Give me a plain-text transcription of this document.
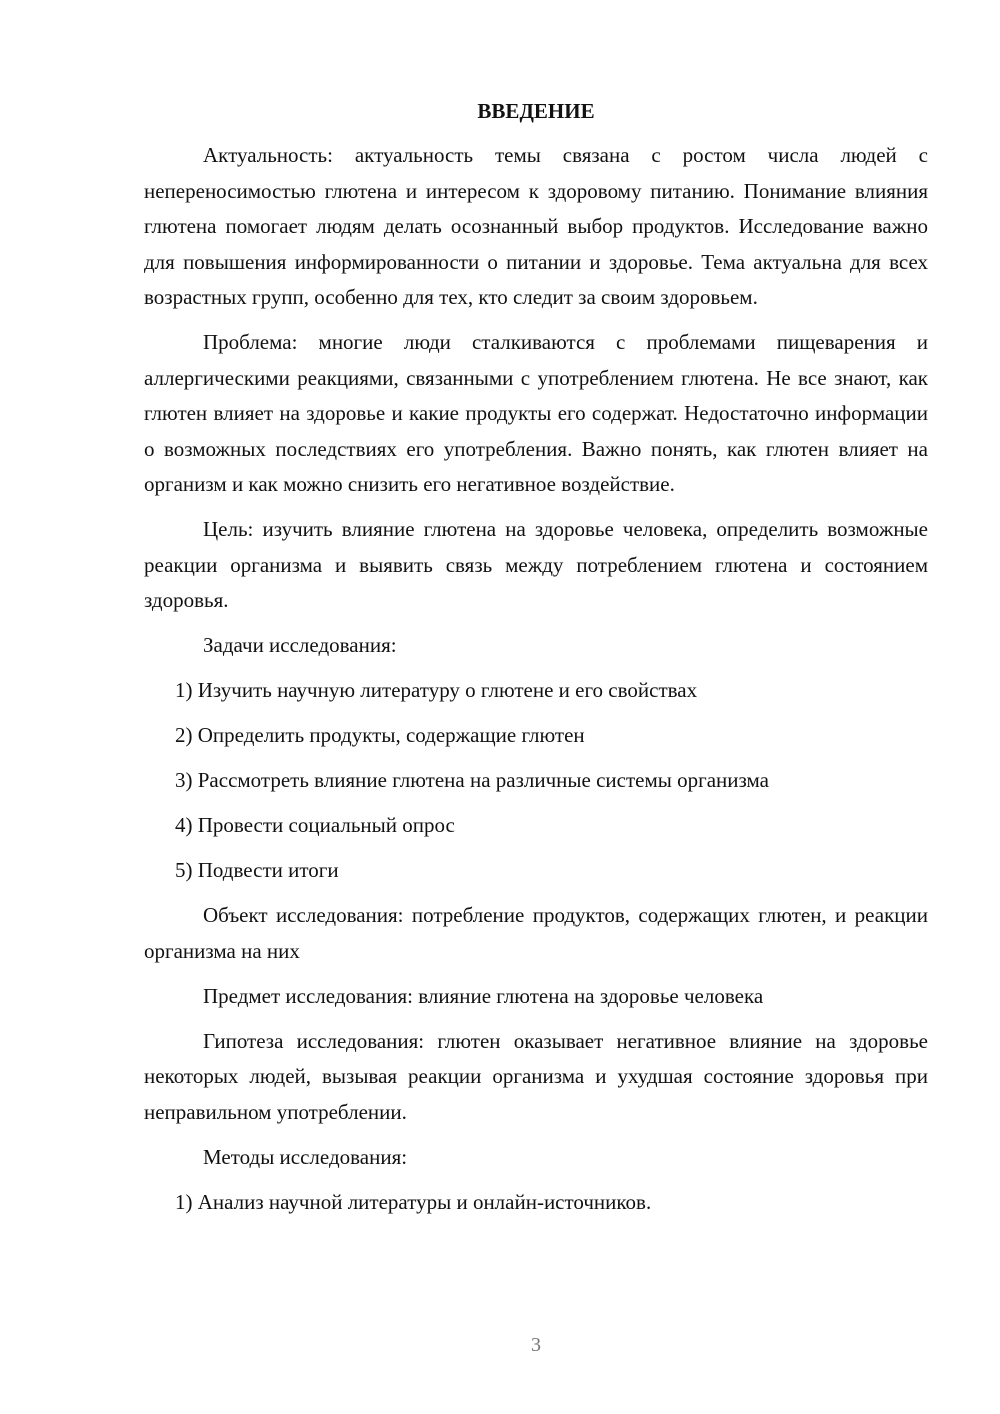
ВВЕДЕНИЕ

Актуальность: актуальность темы связана с ростом числа людей с непереносимостью глютена и интересом к здоровому питанию. Понимание влияния глютена помогает людям делать осознанный выбор продуктов. Исследование важно для повышения информированности о питании и здоровье. Тема актуальна для всех возрастных групп, особенно для тех, кто следит за своим здоровьем.

Проблема: многие люди сталкиваются с проблемами пищеварения и аллергическими реакциями, связанными с употреблением глютена. Не все знают, как глютен влияет на здоровье и какие продукты его содержат. Недостаточно информации о возможных последствиях его употребления. Важно понять, как глютен влияет на организм и как можно снизить его негативное воздействие.

Цель: изучить влияние глютена на здоровье человека, определить возможные реакции организма и выявить связь между потреблением глютена и состоянием здоровья.

Задачи исследования:

1) Изучить научную литературу о глютене и его свойствах

2) Определить продукты, содержащие глютен

3) Рассмотреть влияние глютена на различные системы организма

4) Провести социальный опрос

5) Подвести итоги

Объект исследования: потребление продуктов, содержащих глютен, и реакции организма на них

Предмет исследования: влияние глютена на здоровье человека

Гипотеза исследования: глютен оказывает негативное влияние на здоровье некоторых людей, вызывая реакции организма и ухудшая состояние здоровья при неправильном употреблении.

Методы исследования:

1) Анализ научной литературы и онлайн-источников.

3
